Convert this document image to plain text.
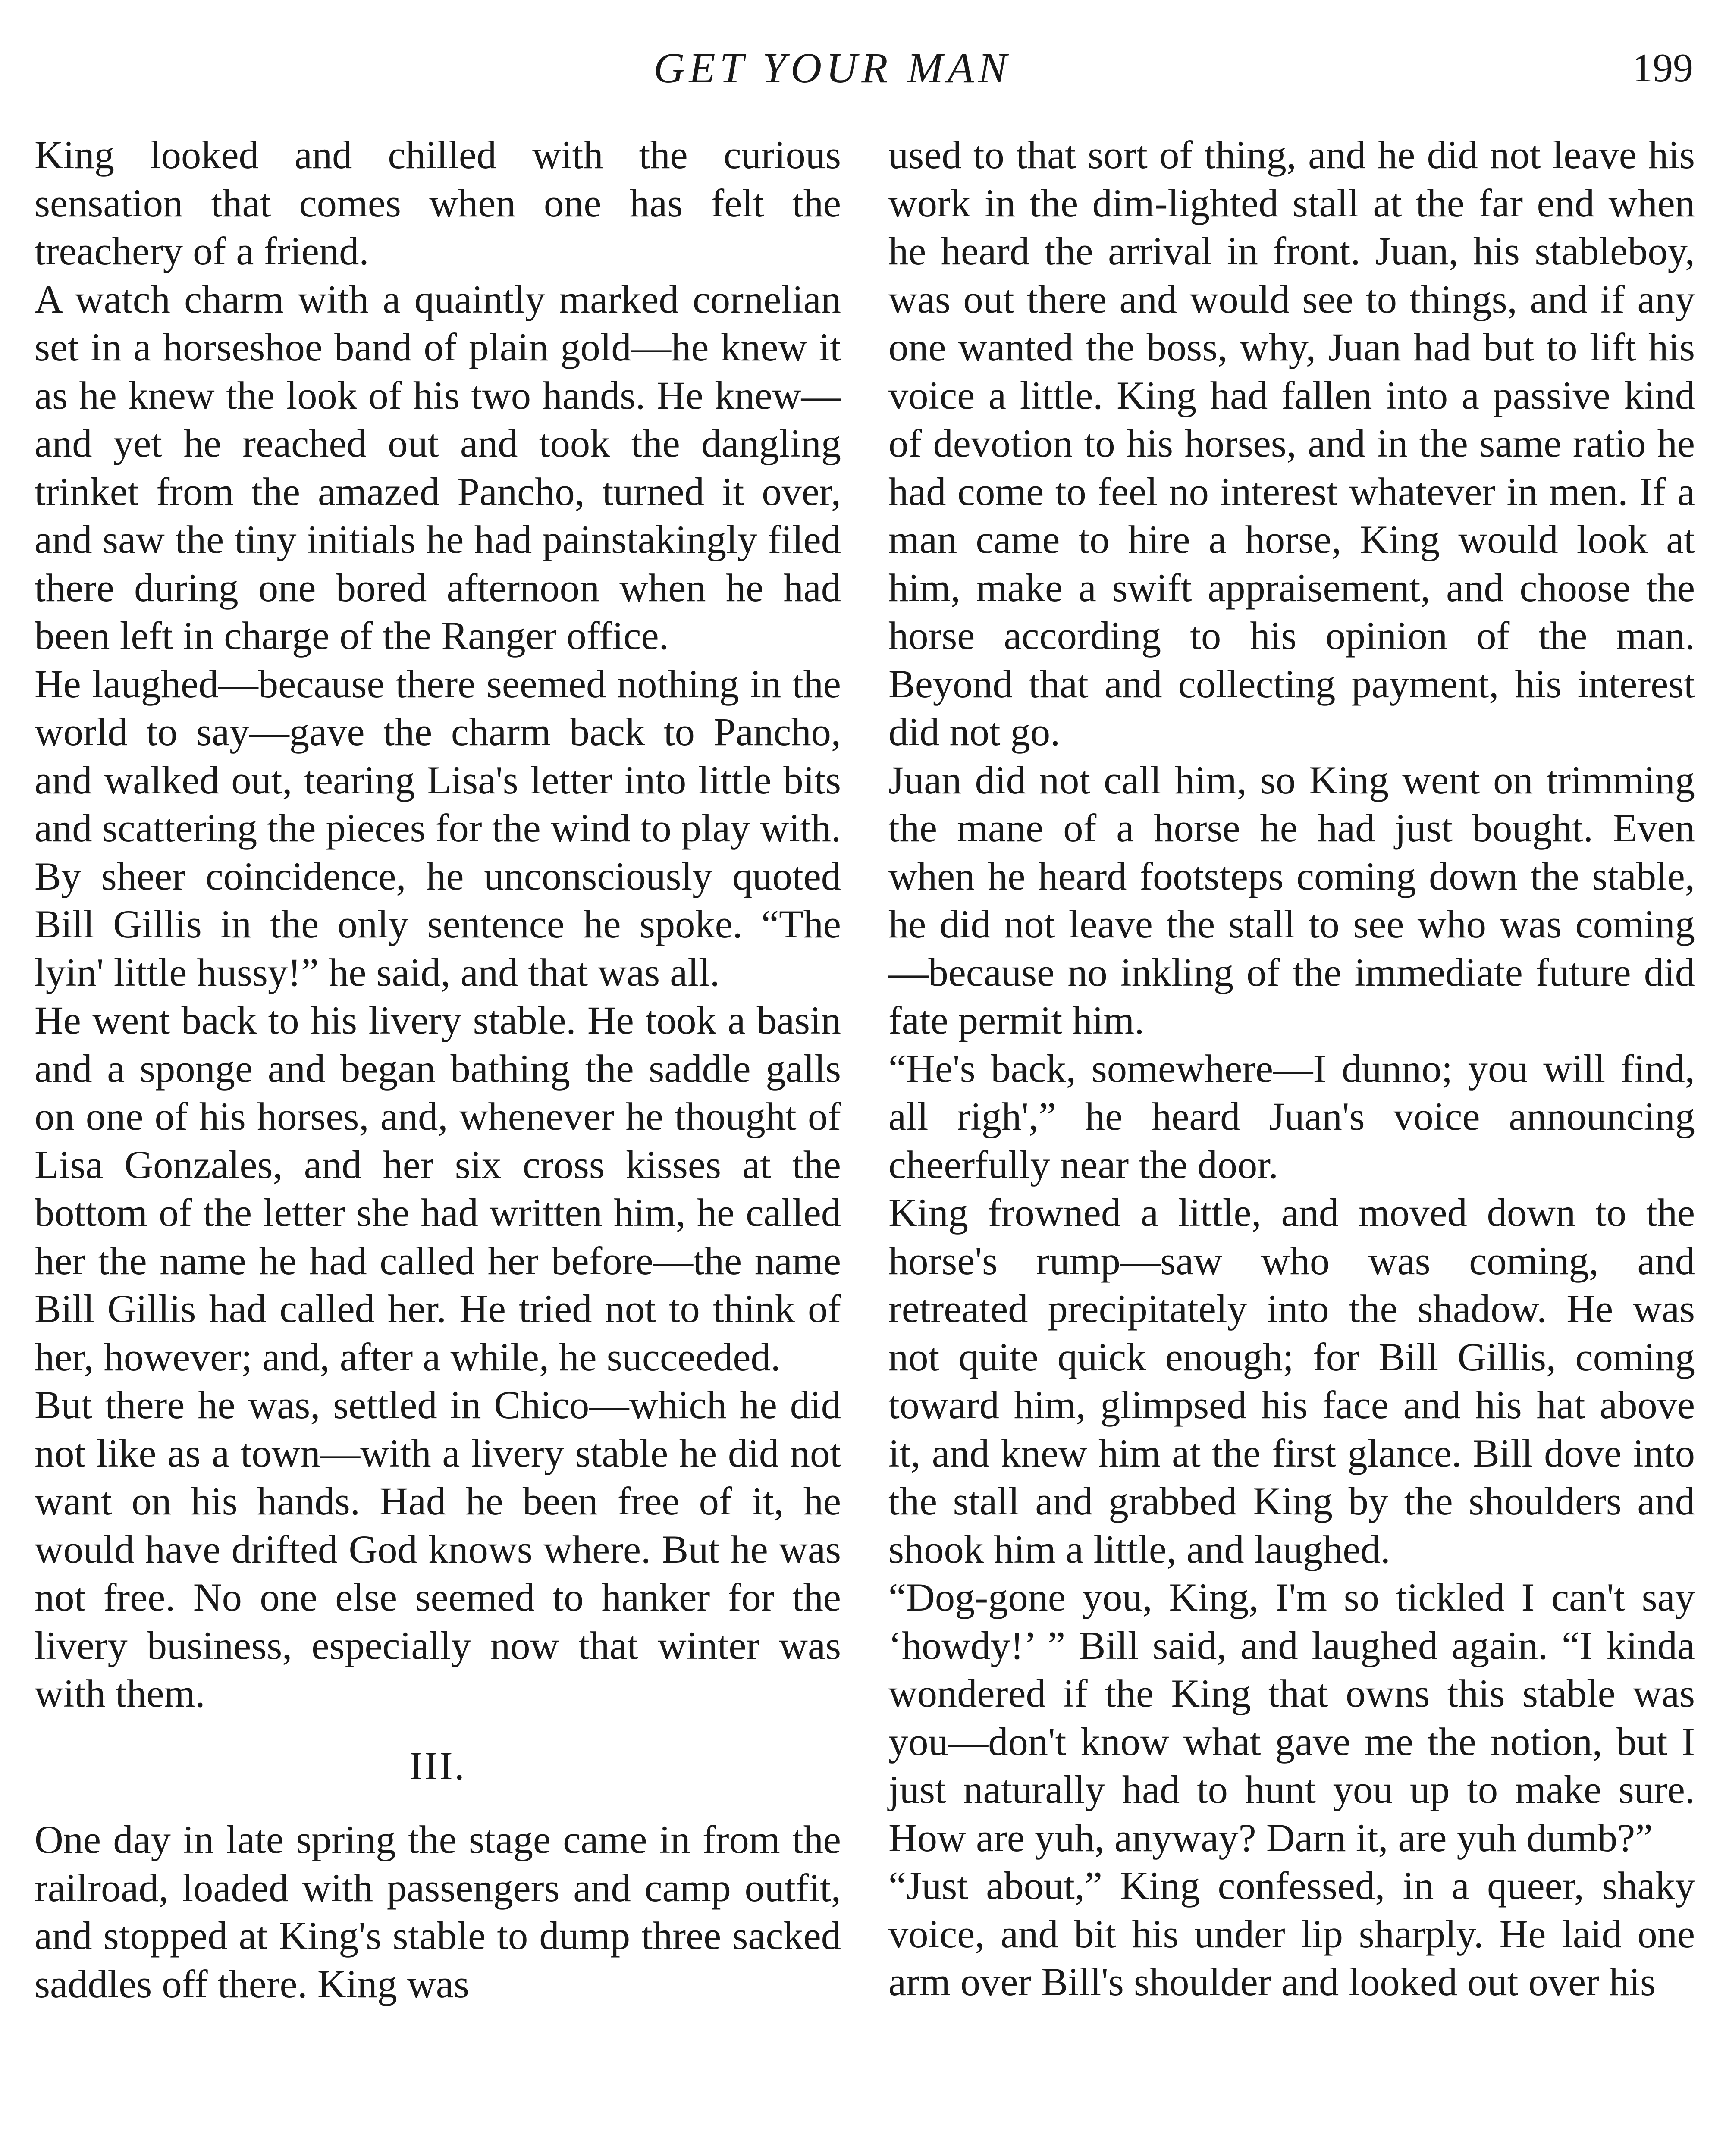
GET YOUR MAN	199

King looked and chilled with the curious sensation that comes when one has felt the treachery of a friend.

A watch charm with a quaintly marked cornelian set in a horseshoe band of plain gold—he knew it as he knew the look of his two hands. He knew—and yet he reached out and took the dangling trinket from the amazed Pancho, turned it over, and saw the tiny initials he had painstakingly filed there during one bored afternoon when he had been left in charge of the Ranger office.

He laughed—because there seemed nothing in the world to say—gave the charm back to Pancho, and walked out, tearing Lisa's letter into little bits and scattering the pieces for the wind to play with. By sheer coincidence, he unconsciously quoted Bill Gillis in the only sentence he spoke. “The lyin' little hussy!” he said, and that was all.

He went back to his livery stable. He took a basin and a sponge and began bathing the saddle galls on one of his horses, and, whenever he thought of Lisa Gonzales, and her six cross kisses at the bottom of the letter she had written him, he called her the name he had called her before—the name Bill Gillis had called her. He tried not to think of her, however; and, after a while, he succeeded.

But there he was, settled in Chico—which he did not like as a town—with a livery stable he did not want on his hands. Had he been free of it, he would have drifted God knows where. But he was not free. No one else seemed to hanker for the livery business, especially now that winter was with them.

III.

One day in late spring the stage came in from the railroad, loaded with passengers and camp outfit, and stopped at King's stable to dump three sacked saddles off there. King was

used to that sort of thing, and he did not leave his work in the dim-lighted stall at the far end when he heard the arrival in front. Juan, his stableboy, was out there and would see to things, and if any one wanted the boss, why, Juan had but to lift his voice a little. King had fallen into a passive kind of devotion to his horses, and in the same ratio he had come to feel no interest whatever in men. If a man came to hire a horse, King would look at him, make a swift appraisement, and choose the horse according to his opinion of the man. Beyond that and collecting payment, his interest did not go.

Juan did not call him, so King went on trimming the mane of a horse he had just bought. Even when he heard footsteps coming down the stable, he did not leave the stall to see who was coming—because no inkling of the immediate future did fate permit him.

“He's back, somewhere—I dunno; you will find, all righ',” he heard Juan's voice announcing cheerfully near the door.

King frowned a little, and moved down to the horse's rump—saw who was coming, and retreated precipitately into the shadow. He was not quite quick enough; for Bill Gillis, coming toward him, glimpsed his face and his hat above it, and knew him at the first glance. Bill dove into the stall and grabbed King by the shoulders and shook him a little, and laughed.

“Dog-gone you, King, I'm so tickled I can't say ‘howdy!’ ” Bill said, and laughed again. “I kinda wondered if the King that owns this stable was you—don't know what gave me the notion, but I just naturally had to hunt you up to make sure. How are yuh, anyway? Darn it, are yuh dumb?”

“Just about,” King confessed, in a queer, shaky voice, and bit his under lip sharply. He laid one arm over Bill's shoulder and looked out over his
